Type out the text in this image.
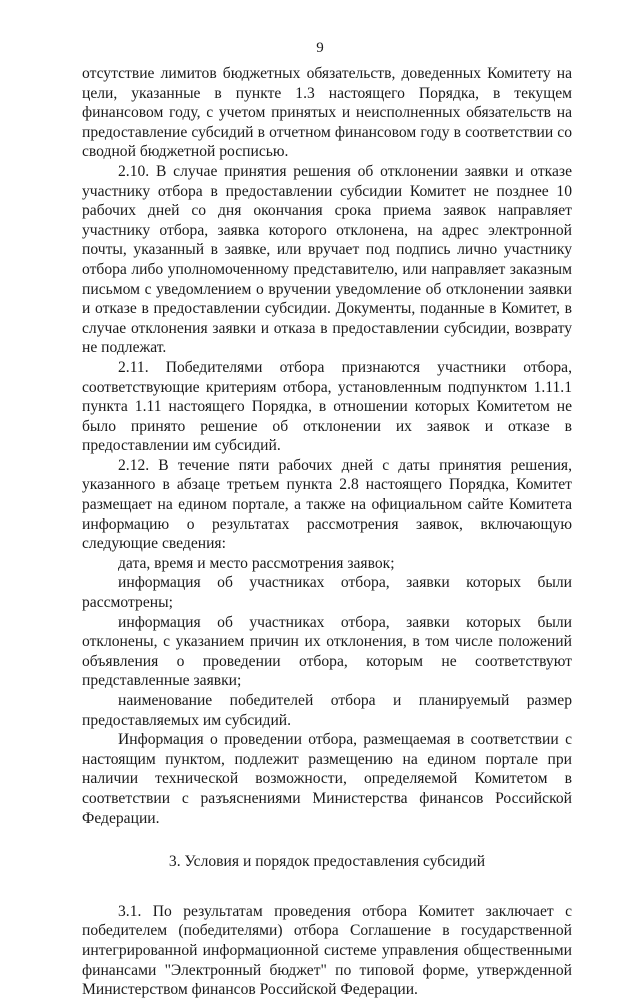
9

отсутствие лимитов бюджетных обязательств, доведенных Комитету на цели, указанные в пункте 1.3 настоящего Порядка, в текущем финансовом году, с учетом принятых и неисполненных обязательств на предоставление субсидий в отчетном финансовом году в соответствии со сводной бюджетной росписью.

2.10. В случае принятия решения об отклонении заявки и отказе участнику отбора в предоставлении субсидии Комитет не позднее 10 рабочих дней со дня окончания срока приема заявок направляет участнику отбора, заявка которого отклонена, на адрес электронной почты, указанный в заявке, или вручает под подпись лично участнику отбора либо уполномоченному представителю, или направляет заказным письмом с уведомлением о вручении уведомление об отклонении заявки и отказе в предоставлении субсидии. Документы, поданные в Комитет, в случае отклонения заявки и отказа в предоставлении субсидии, возврату не подлежат.

2.11. Победителями отбора признаются участники отбора, соответствующие критериям отбора, установленным подпунктом 1.11.1 пункта 1.11 настоящего Порядка, в отношении которых Комитетом не было принято решение об отклонении их заявок и отказе в предоставлении им субсидий.

2.12. В течение пяти рабочих дней с даты принятия решения, указанного в абзаце третьем пункта 2.8 настоящего Порядка, Комитет размещает на едином портале, а также на официальном сайте Комитета информацию о результатах рассмотрения заявок, включающую следующие сведения:

дата, время и место рассмотрения заявок;

информация об участниках отбора, заявки которых были рассмотрены;

информация об участниках отбора, заявки которых были отклонены, с указанием причин их отклонения, в том числе положений объявления о проведении отбора, которым не соответствуют представленные заявки;

наименование победителей отбора и планируемый размер предоставляемых им субсидий.

Информация о проведении отбора, размещаемая в соответствии с настоящим пунктом, подлежит размещению на едином портале при наличии технической возможности, определяемой Комитетом в соответствии с разъяснениями Министерства финансов Российской Федерации.

3. Условия и порядок предоставления субсидий

3.1. По результатам проведения отбора Комитет заключает с победителем (победителями) отбора Соглашение в государственной интегрированной информационной системе управления общественными финансами "Электронный бюджет" по типовой форме, утвержденной Министерством финансов Российской Федерации.
